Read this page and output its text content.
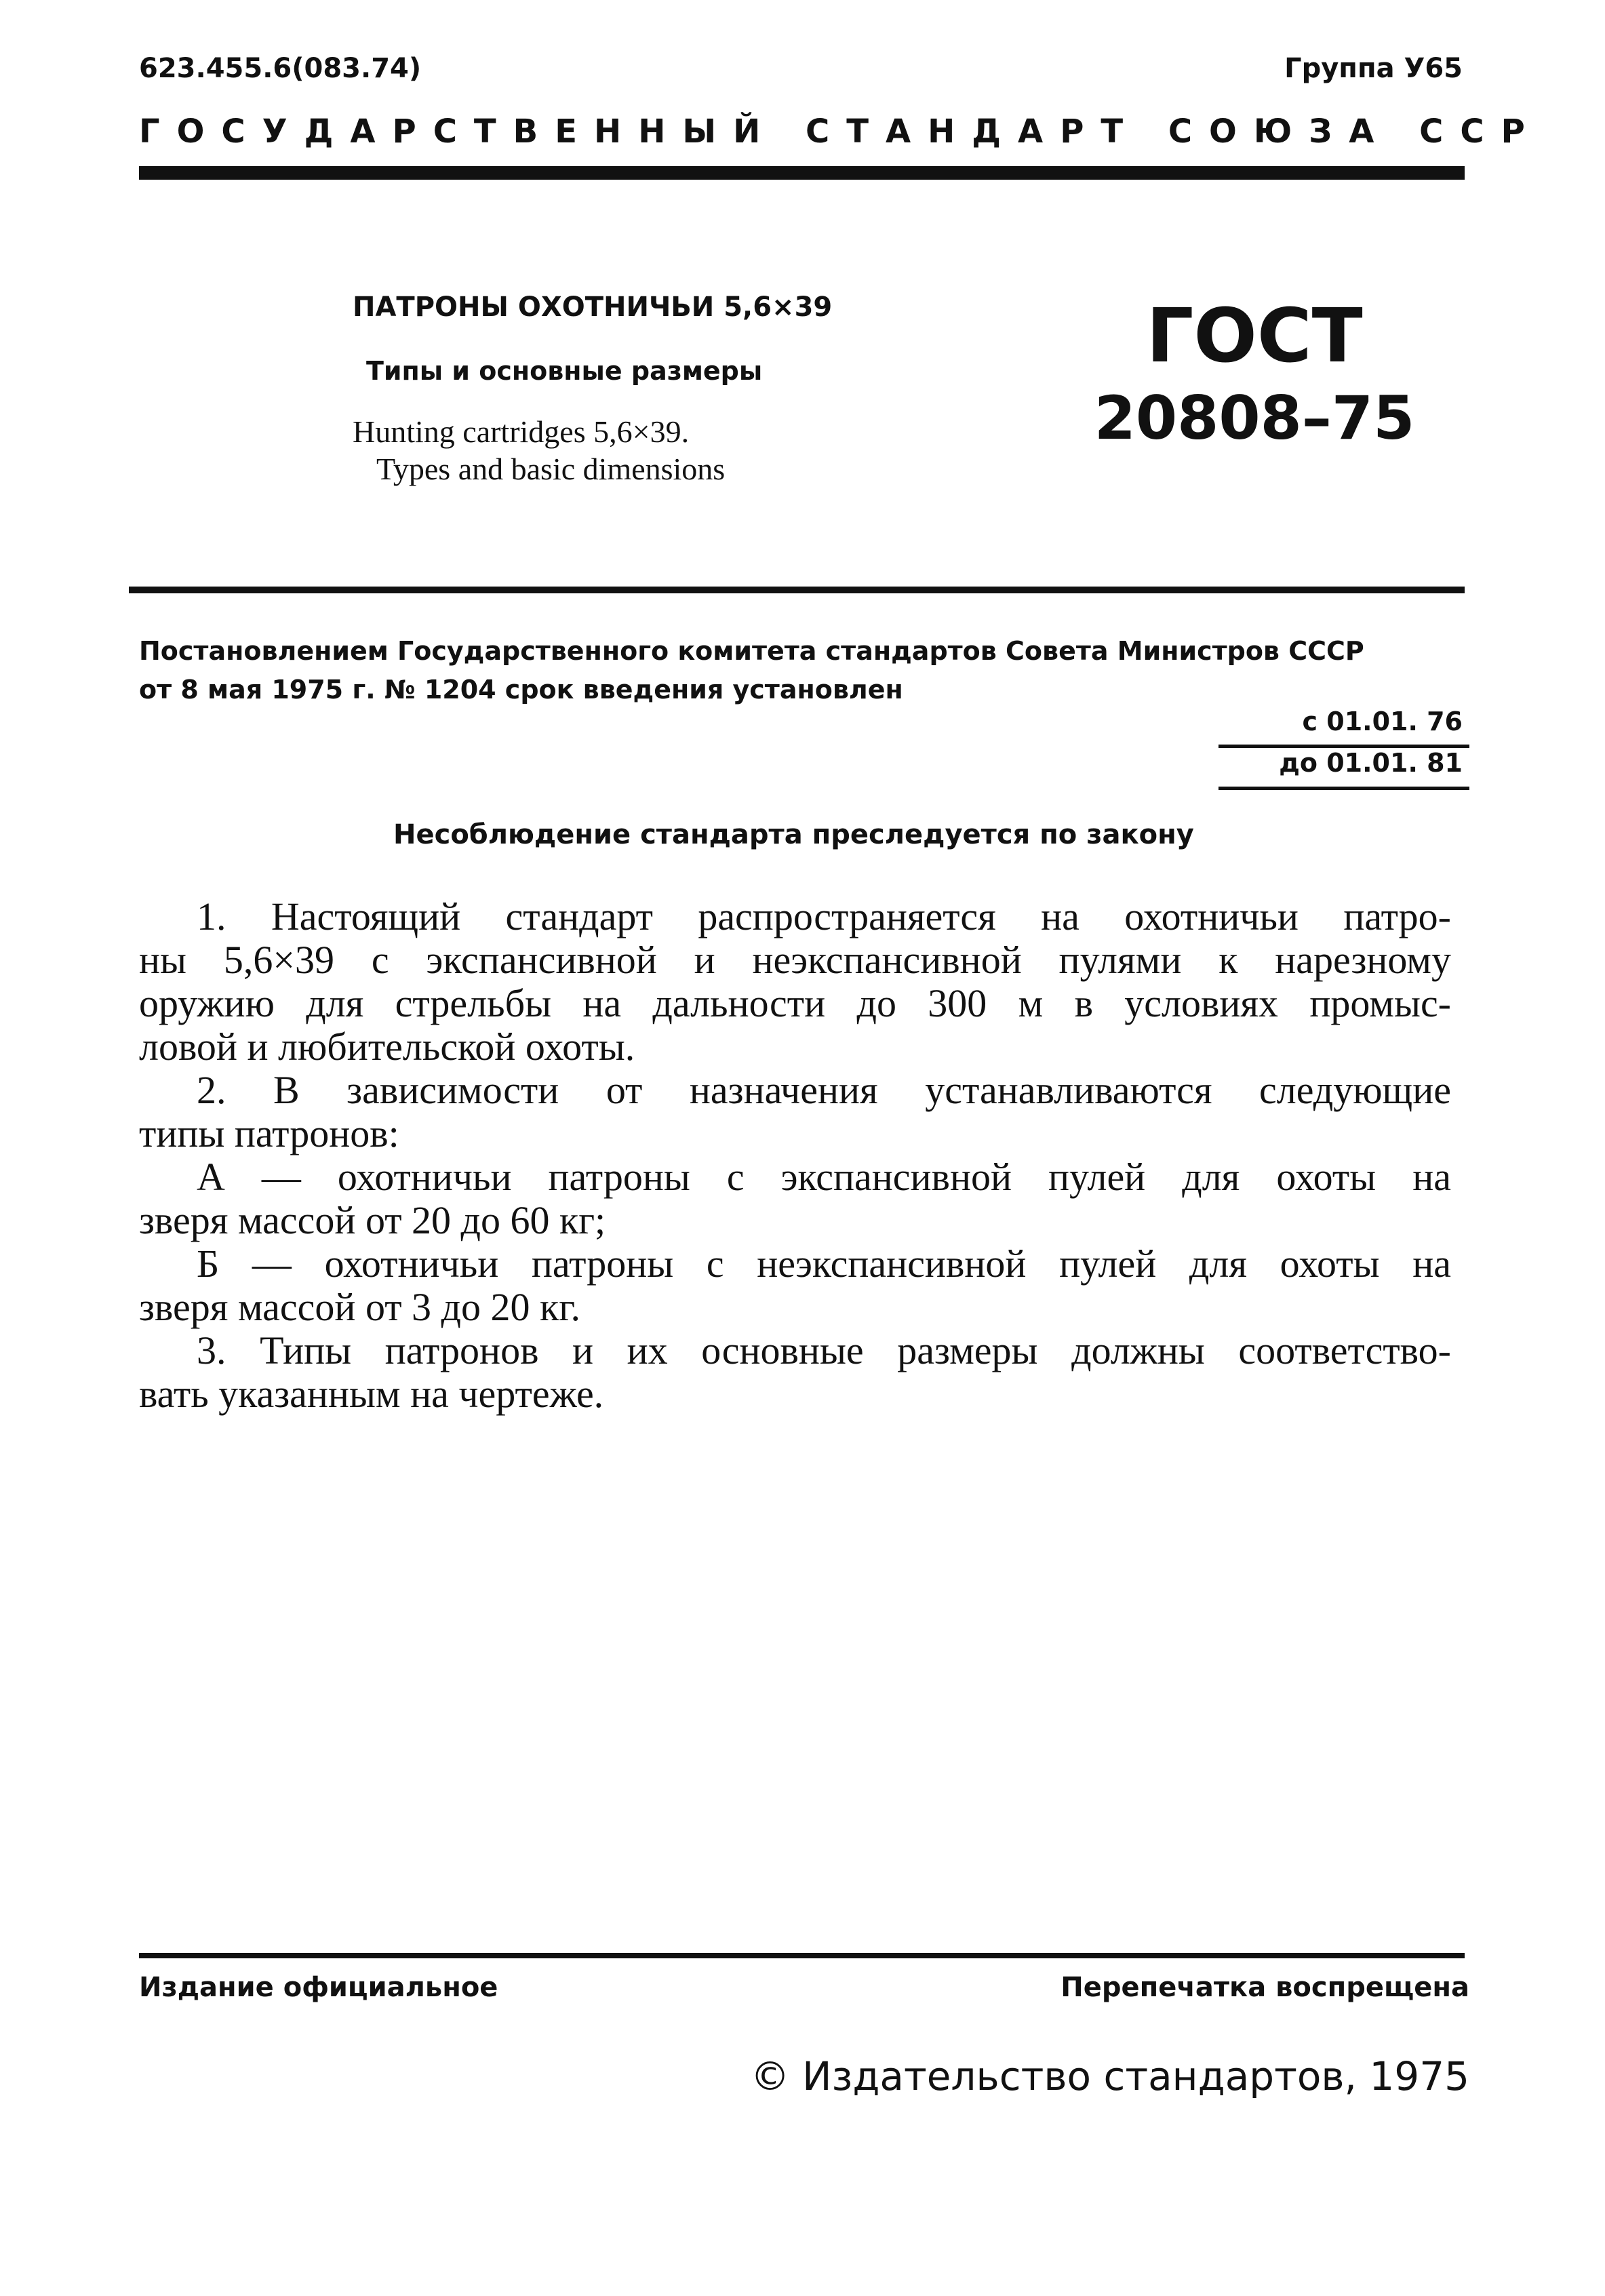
623.455.6(083.74)	Группа У65
ГОСУДАРСТВЕННЫЙ СТАНДАРТ СОЮЗА ССР
ПАТРОНЫ ОХОТНИЧЬИ 5,6×39
Типы и основные размеры
Hunting cartridges 5,6×39.
Types and basic dimensions
ГОСТ
20808–75
Постановлением Государственного комитета стандартов Совета Министров СССР
от 8 мая 1975 г. № 1204 срок введения установлен
с 01.01. 76
до 01.01. 81
Несоблюдение стандарта преследуется по закону
1. Настоящий стандарт распространяется на охотничьи патро-
ны 5,6×39 с экспансивной и неэкспансивной пулями к нарезному
оружию для стрельбы на дальности до 300 м в условиях промыс-
ловой и любительской охоты.
2. В зависимости от назначения устанавливаются следующие
типы патронов:
А — охотничьи патроны с экспансивной пулей для охоты на
зверя массой от 20 до 60 кг;
Б — охотничьи патроны с неэкспансивной пулей для охоты на
зверя массой от 3 до 20 кг.
3. Типы патронов и их основные размеры должны соответство-
вать указанным на чертеже.
Издание официальное	Перепечатка воспрещена
© Издательство стандартов, 1975
